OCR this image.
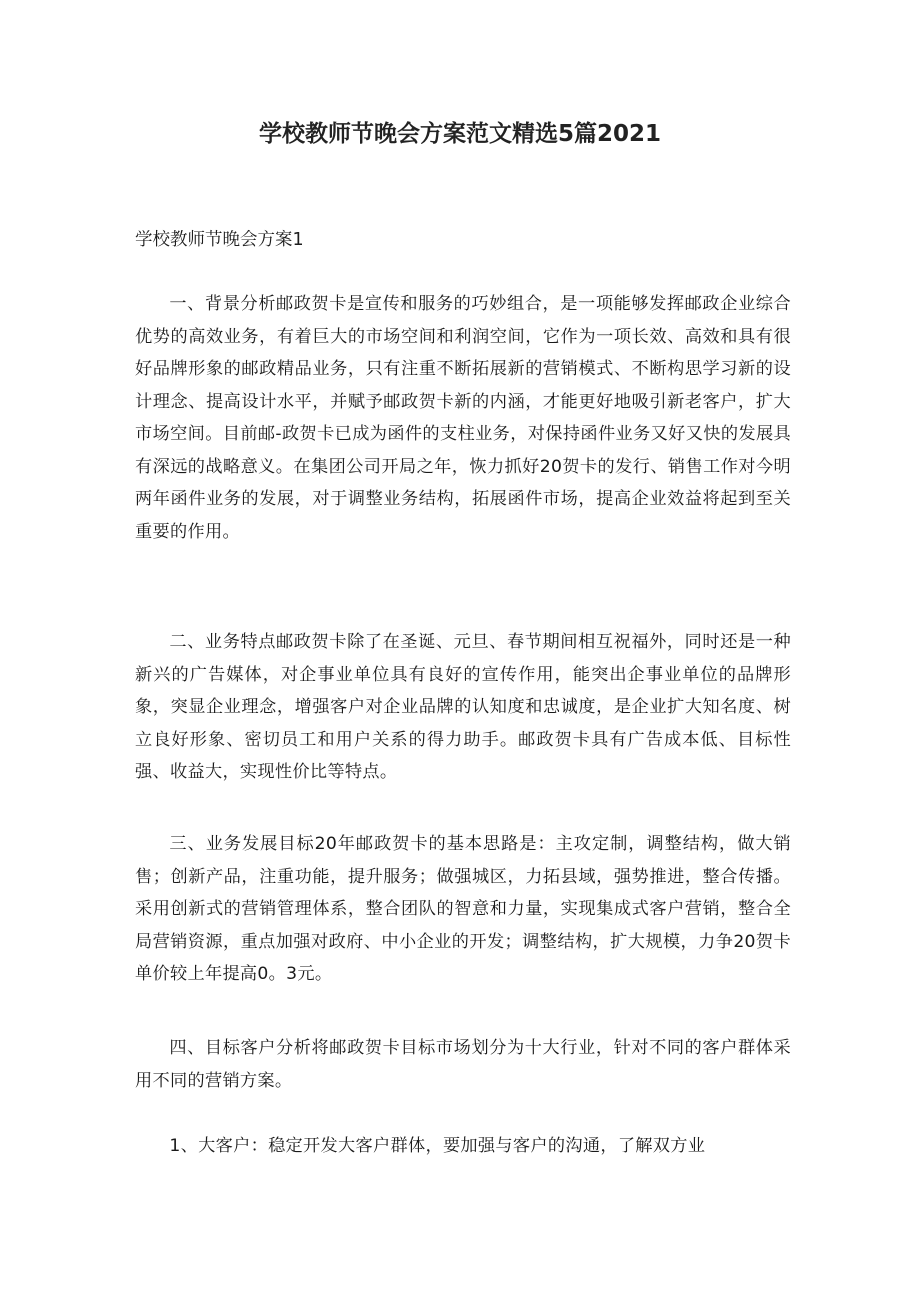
学校教师节晚会方案范文精选5篇2021
学校教师节晚会方案1

一、背景分析邮政贺卡是宣传和服务的巧妙组合，是一项能够发挥邮政企业综合优势的高效业务，有着巨大的市场空间和利润空间，它作为一项长效、高效和具有很好品牌形象的邮政精品业务，只有注重不断拓展新的营销模式、不断构思学习新的设计理念、提高设计水平，并赋予邮政贺卡新的内涵，才能更好地吸引新老客户，扩大市场空间。目前邮-政贺卡已成为函件的支柱业务，对保持函件业务又好又快的发展具有深远的战略意义。在集团公司开局之年，恢力抓好20贺卡的发行、销售工作对今明两年函件业务的发展，对于调整业务结构，拓展函件市场，提高企业效益将起到至关重要的作用。

二、业务特点邮政贺卡除了在圣诞、元旦、春节期间相互祝福外，同时还是一种新兴的广告媒体，对企事业单位具有良好的宣传作用，能突出企事业单位的品牌形象，突显企业理念，增强客户对企业品牌的认知度和忠诚度，是企业扩大知名度、树立良好形象、密切员工和用户关系的得力助手。邮政贺卡具有广告成本低、目标性强、收益大，实现性价比等特点。

三、业务发展目标20年邮政贺卡的基本思路是：主攻定制，调整结构，做大销售；创新产品，注重功能，提升服务；做强城区，力拓县域，强势推进，整合传播。采用创新式的营销管理体系，整合团队的智意和力量，实现集成式客户营销，整合全局营销资源，重点加强对政府、中小企业的开发；调整结构，扩大规模，力争20贺卡单价较上年提高0。3元。

四、目标客户分析将邮政贺卡目标市场划分为十大行业，针对不同的客户群体采用不同的营销方案。

1、大客户：稳定开发大客户群体，要加强与客户的沟通，了解双方业
